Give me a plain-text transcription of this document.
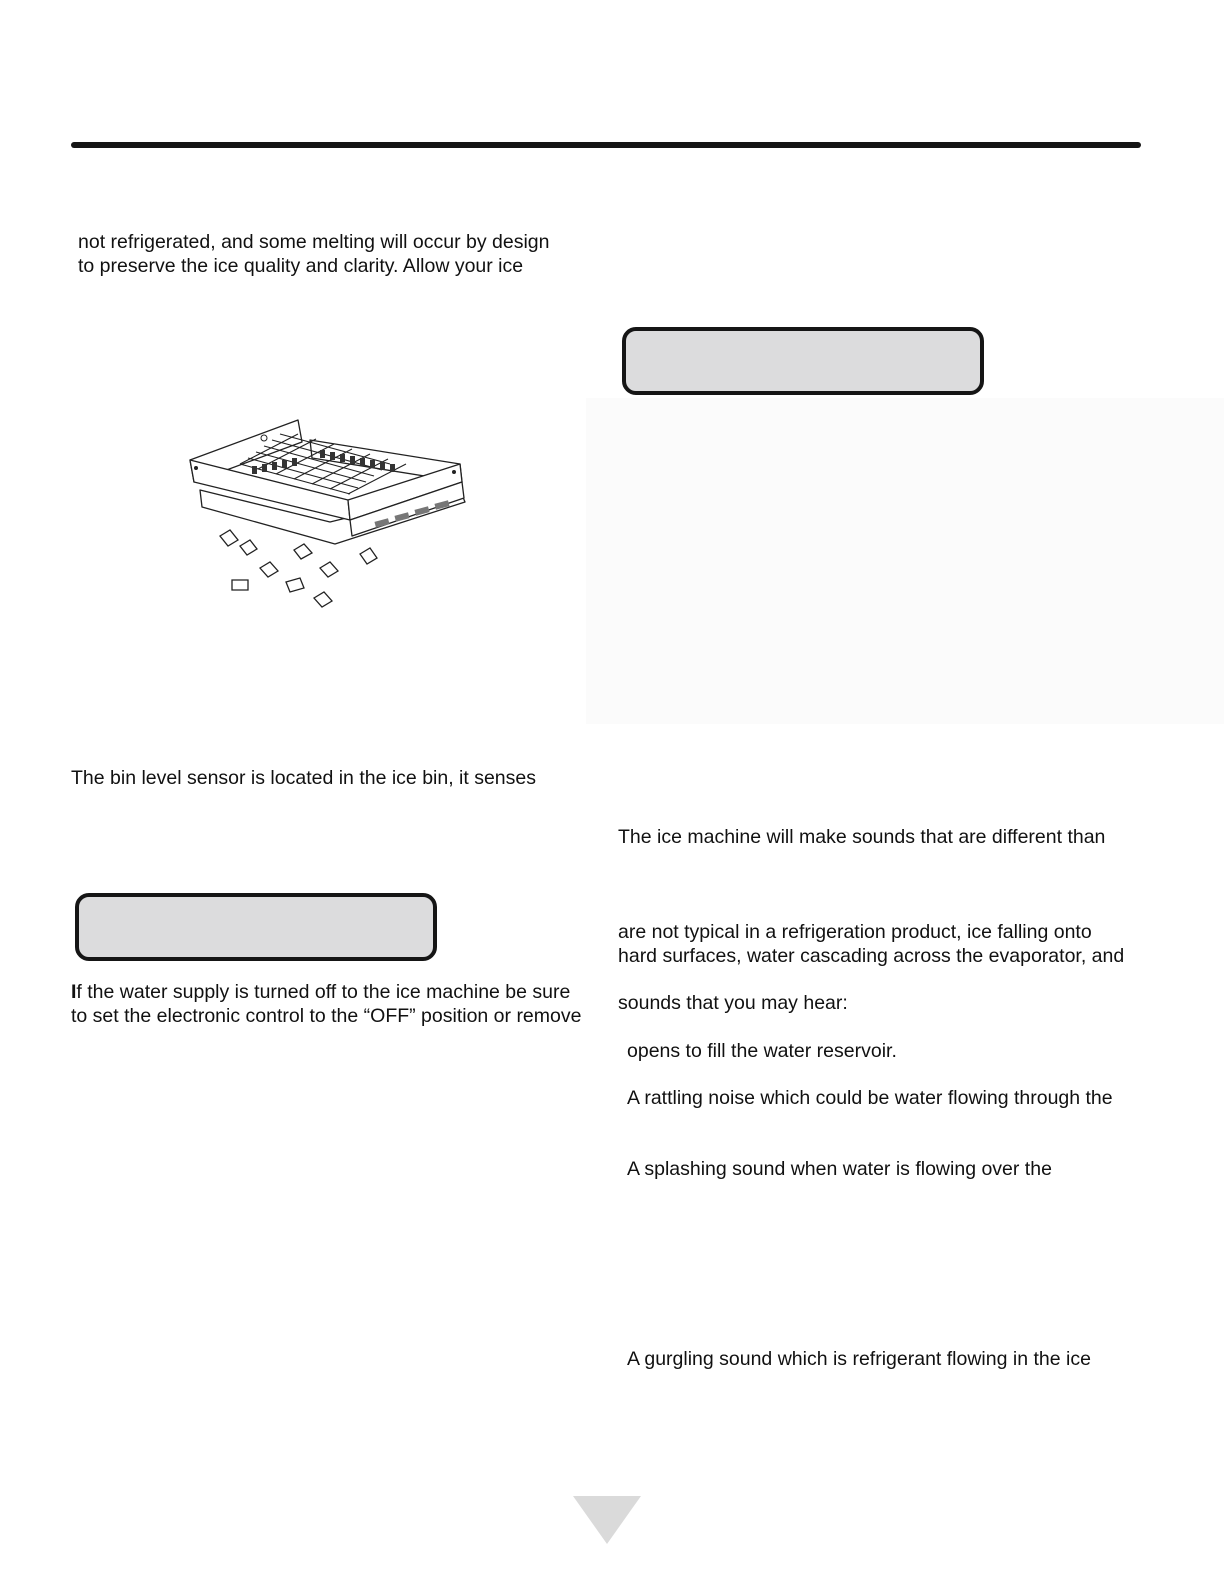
not refrigerated, and some melting will occur by design
to preserve the ice quality and clarity. Allow your ice
The bin level sensor is located in the ice bin, it senses
If the water supply is turned off to the ice machine be sure
to set the electronic control to the “OFF” position or remove
The ice machine will make sounds that are different than
are not typical in a refrigeration product, ice falling onto
hard surfaces, water cascading across the evaporator, and
sounds that you may hear:
opens to fill the water reservoir.
A rattling noise which could be water flowing through the
A splashing sound when water is flowing over the
A gurgling sound which is refrigerant flowing in the ice
